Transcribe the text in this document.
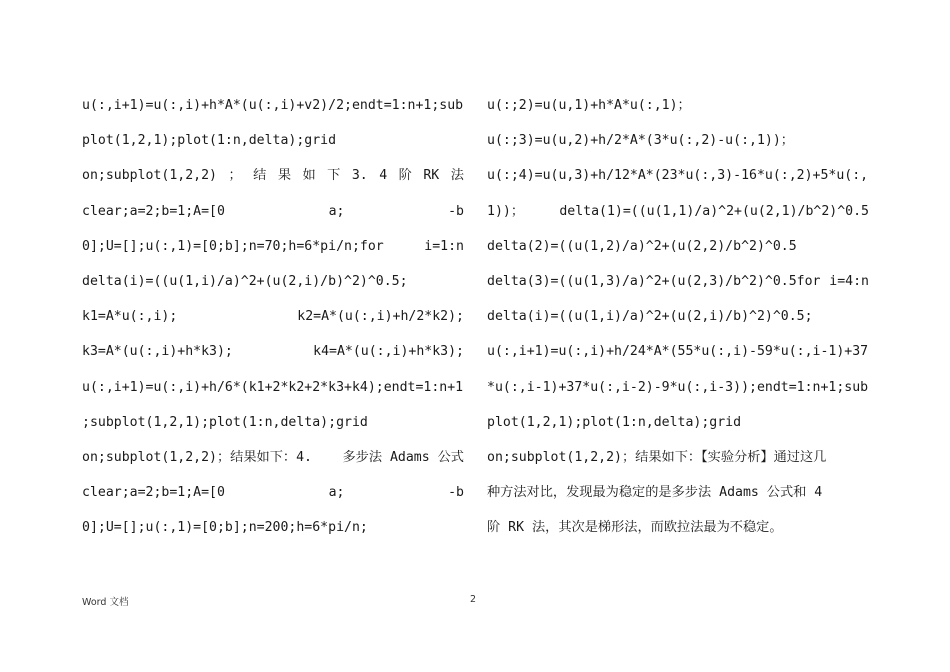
u(:,i+1)=u(:,i)+h*A*(u(:,i)+v2)/2;endt=1:n+1;sub
plot(1,2,1);plot(1:n,delta);grid
on;subplot(1,2,2) ； 结 果 如 下 3. 4 阶 RK 法
clear;a=2;b=1;A=[0	a;	-b
0];U=[];u(:,1)=[0;b];n=70;h=6*pi/n;for	i=1:n
delta(i)=((u(1,i)/a)^2+(u(2,i)/b)^2)^0.5;
k1=A*u(:,i);	k2=A*(u(:,i)+h/2*k2);
k3=A*(u(:,i)+h*k3);	k4=A*(u(:,i)+h*k3);
u(:,i+1)=u(:,i)+h/6*(k1+2*k2+2*k3+k4);endt=1:n+1
;subplot(1,2,1);plot(1:n,delta);grid
on;subplot(1,2,2)；结果如下：4. 多步法 Adams 公式
clear;a=2;b=1;A=[0	a;	-b
0];U=[];u(:,1)=[0;b];n=200;h=6*pi/n;
u(:;2)=u(u,1)+h*A*u(:,1)；
u(:;3)=u(u,2)+h/2*A*(3*u(:,2)-u(:,1))；
u(:;4)=u(u,3)+h/12*A*(23*u(:,3)-16*u(:,2)+5*u(:,
1))；	delta(1)=((u(1,1)/a)^2+(u(2,1)/b^2)^0.5
delta(2)=((u(1,2)/a)^2+(u(2,2)/b^2)^0.5
delta(3)=((u(1,3)/a)^2+(u(2,3)/b^2)^0.5for i=4:n
delta(i)=((u(1,i)/a)^2+(u(2,i)/b)^2)^0.5;
u(:,i+1)=u(:,i)+h/24*A*(55*u(:,i)-59*u(:,i-1)+37
*u(:,i-1)+37*u(:,i-2)-9*u(:,i-3));endt=1:n+1;sub
plot(1,2,1);plot(1:n,delta);grid
on;subplot(1,2,2)；结果如下：【实验分析】通过这几
种方法对比，发现最为稳定的是多步法 Adams 公式和 4
阶 RK 法，其次是梯形法，而欧拉法最为不稳定。
Word 文档	2
